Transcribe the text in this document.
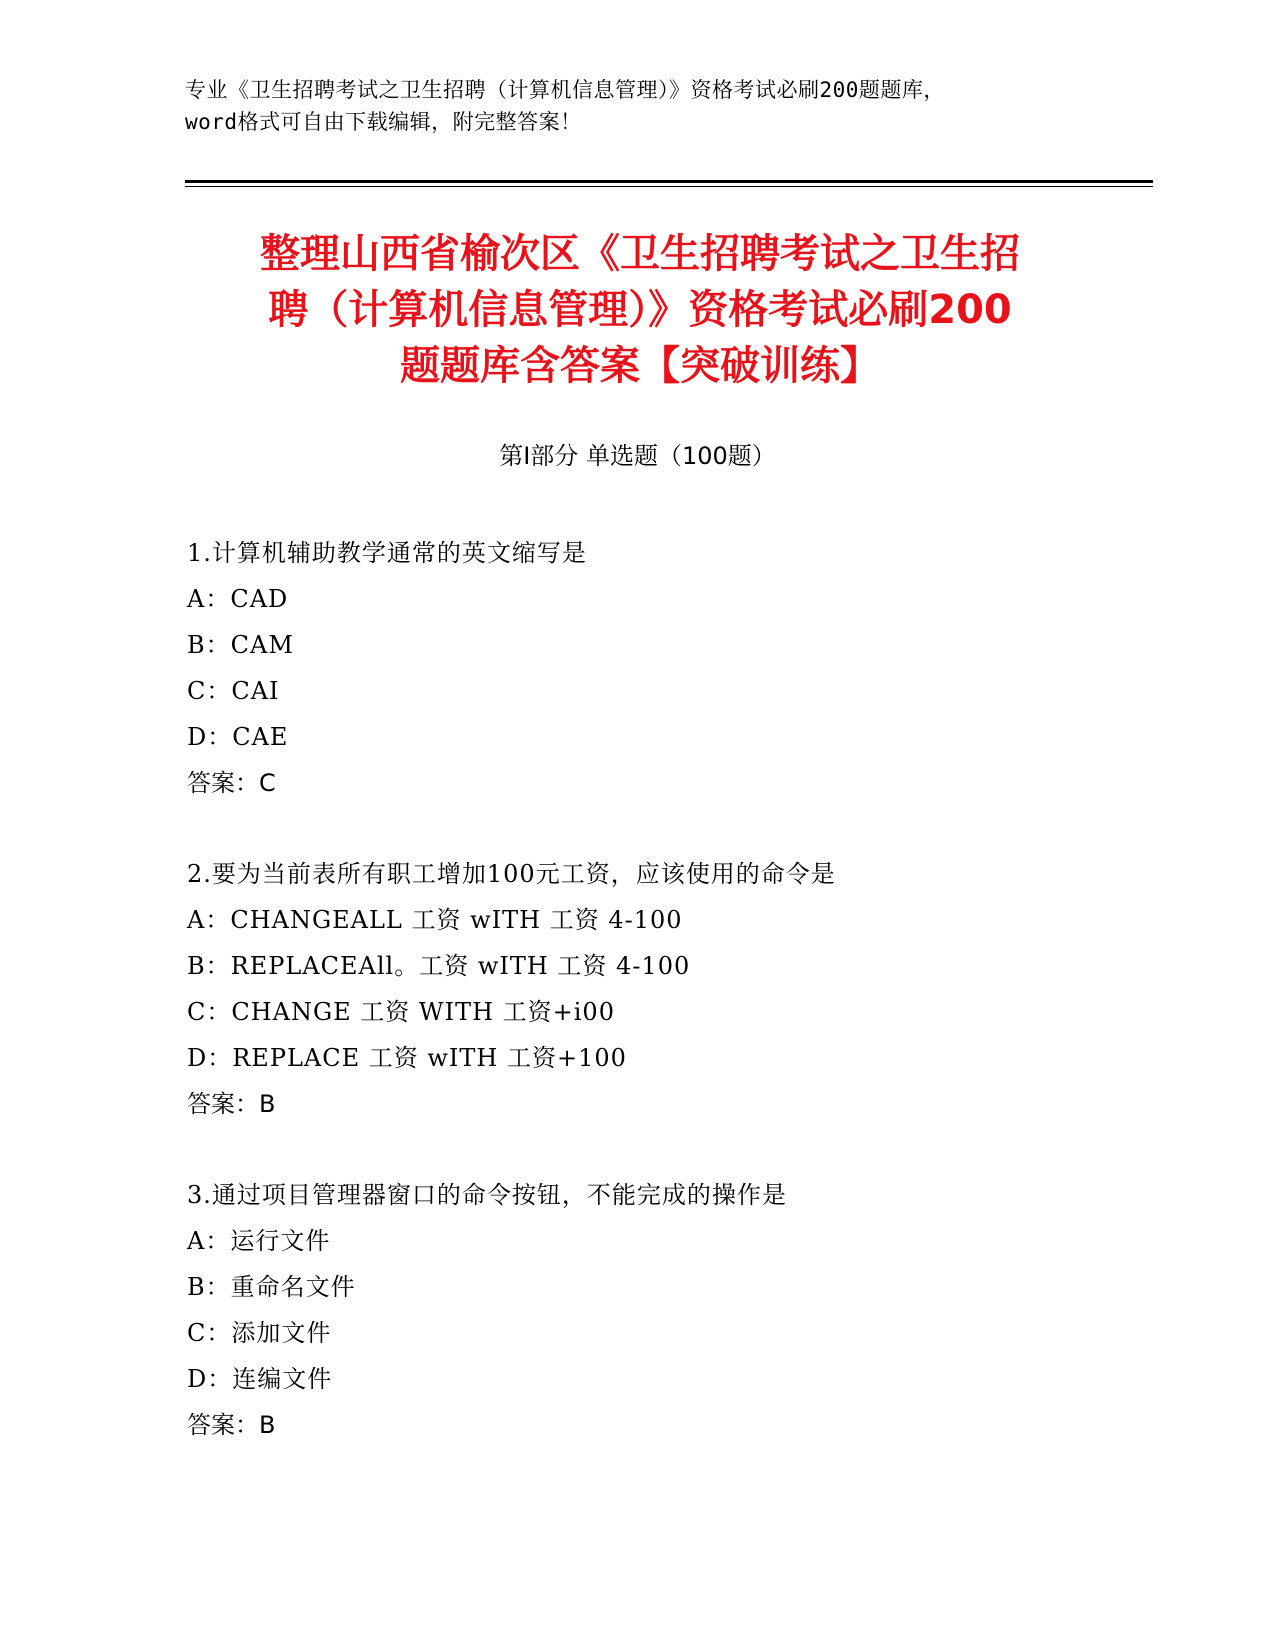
专业《卫生招聘考试之卫生招聘（计算机信息管理）》资格考试必刷200题题库，
word格式可自由下载编辑，附完整答案！
整理山西省榆次区《卫生招聘考试之卫生招
聘（计算机信息管理）》资格考试必刷200
题题库含答案【突破训练】
第Ⅰ部分 单选题（100题）
1.计算机辅助教学通常的英文缩写是
A：CAD
B：CAM
C：CAI
D：CAE
答案：C
2.要为当前表所有职工增加100元工资，应该使用的命令是
A：CHANGEALL 工资 wITH 工资 4-100
B：REPLACEAll。工资 wITH 工资 4-100
C：CHANGE 工资 WITH 工资+i00
D：REPLACE 工资 wITH 工资+100
答案：B
3.通过项目管理器窗口的命令按钮，不能完成的操作是
A：运行文件
B：重命名文件
C：添加文件
D：连编文件
答案：B
